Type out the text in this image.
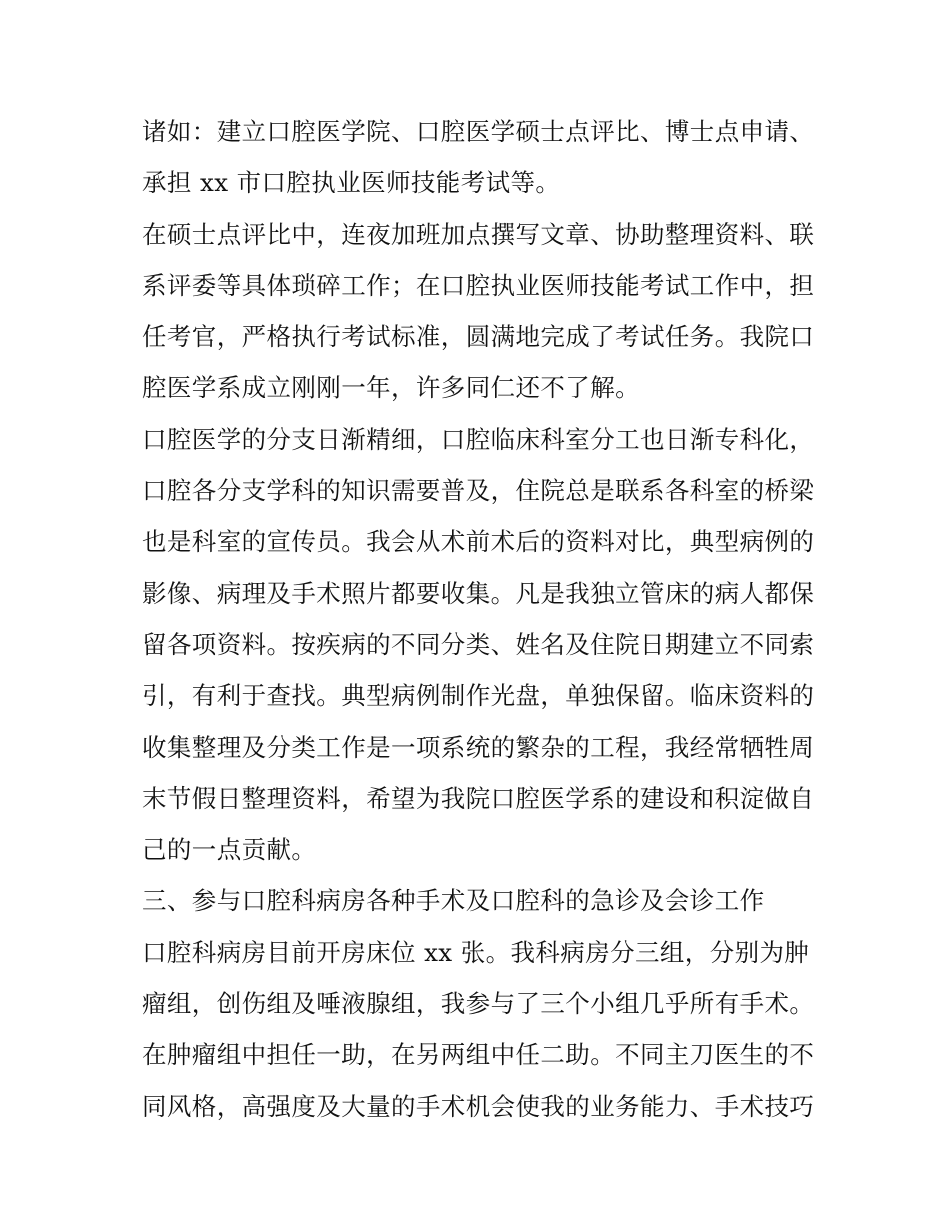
诸如：建立口腔医学院、口腔医学硕士点评比、博士点申请、
承担 xx 市口腔执业医师技能考试等。
在硕士点评比中，连夜加班加点撰写文章、协助整理资料、联
系评委等具体琐碎工作；在口腔执业医师技能考试工作中，担
任考官，严格执行考试标准，圆满地完成了考试任务。我院口
腔医学系成立刚刚一年，许多同仁还不了解。
口腔医学的分支日渐精细，口腔临床科室分工也日渐专科化，
口腔各分支学科的知识需要普及，住院总是联系各科室的桥梁
也是科室的宣传员。我会从术前术后的资料对比，典型病例的
影像、病理及手术照片都要收集。凡是我独立管床的病人都保
留各项资料。按疾病的不同分类、姓名及住院日期建立不同索
引，有利于查找。典型病例制作光盘，单独保留。临床资料的
收集整理及分类工作是一项系统的繁杂的工程，我经常牺牲周
末节假日整理资料，希望为我院口腔医学系的建设和积淀做自
己的一点贡献。
三、参与口腔科病房各种手术及口腔科的急诊及会诊工作
口腔科病房目前开房床位 xx 张。我科病房分三组，分别为肿
瘤组，创伤组及唾液腺组，我参与了三个小组几乎所有手术。
在肿瘤组中担任一助，在另两组中任二助。不同主刀医生的不
同风格，高强度及大量的手术机会使我的业务能力、手术技巧
